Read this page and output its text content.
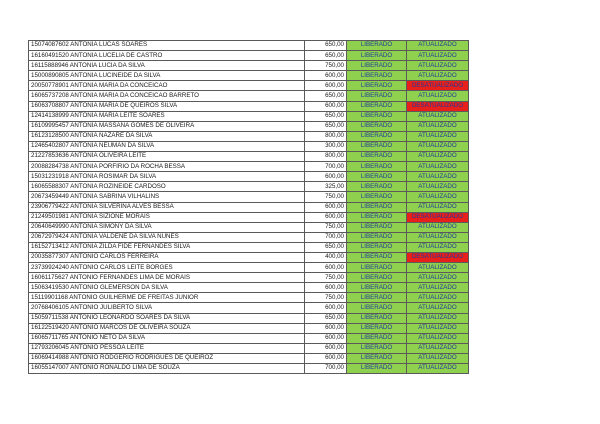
15074087602 ANTONIA LUCAS SOARES	650,00	LIBERADO	ATUALIZADO
16160491520 ANTONIA LUCELIA DE CASTRO	650,00	LIBERADO	ATUALIZADO
16115888946 ANTONIA LUCIA DA SILVA	750,00	LIBERADO	ATUALIZADO
15000890805 ANTONIA LUCINEIDE DA SILVA	600,00	LIBERADO	ATUALIZADO
20050778901 ANTONIA MARIA DA CONCEICAO	600,00	LIBERADO	DESATUALIZADO
16065737208 ANTONIA MARIA DA CONCEICAO BARRETO	650,00	LIBERADO	ATUALIZADO
16063708807 ANTONIA MARIA DE QUEIROS SILVA	600,00	LIBERADO	DESATUALIZADO
12414138999 ANTONIA MARIA LEITE SOARES	650,00	LIBERADO	ATUALIZADO
16109995457 ANTONIA MASSANA GOMES DE OLIVEIRA	650,00	LIBERADO	ATUALIZADO
16123128500 ANTONIA NAZARE DA SILVA	800,00	LIBERADO	ATUALIZADO
12465402807 ANTONIA NEUMAN DA SILVA	300,00	LIBERADO	ATUALIZADO
21227853636 ANTONIA OLIVEIRA LEITE	800,00	LIBERADO	ATUALIZADO
20088284738 ANTONIA PORFIRIO DA ROCHA BESSA	700,00	LIBERADO	ATUALIZADO
15031231918 ANTONIA ROSIMAR DA SILVA	600,00	LIBERADO	ATUALIZADO
16065588307 ANTONIA ROZINEIDE CARDOSO	325,00	LIBERADO	ATUALIZADO
20673459449 ANTONIA SABRINA VILHALINS	750,00	LIBERADO	ATUALIZADO
23906779422 ANTONIA SILVERINA ALVES BESSA	600,00	LIBERADO	ATUALIZADO
21249501981 ANTONIA SIZIONE MORAIS	600,00	LIBERADO	DESATUALIZADO
20640649990 ANTONIA SIMONY DA SILVA	750,00	LIBERADO	ATUALIZADO
20672979424 ANTONIA VALDENE DA SILVA NUNES	700,00	LIBERADO	ATUALIZADO
16152713412 ANTONIA ZILDA FIDE FERNANDES SILVA	650,00	LIBERADO	ATUALIZADO
20035877307 ANTONIO CARLOS FERREIRA	400,00	LIBERADO	DESATUALIZADO
23739924240 ANTONIO CARLOS LEITE BORGES	600,00	LIBERADO	ATUALIZADO
16061175627 ANTONIO FERNANDES LIMA DE MORAIS	750,00	LIBERADO	ATUALIZADO
15063419530 ANTONIO GLEMERSON DA SILVA	600,00	LIBERADO	ATUALIZADO
15119901168 ANTONIO GUILHERME DE FREITAS JUNIOR	750,00	LIBERADO	ATUALIZADO
20768406105 ANTONIO JULIBERTO SILVA	600,00	LIBERADO	ATUALIZADO
15059711538 ANTONIO LEONARDO SOARES DA SILVA	650,00	LIBERADO	ATUALIZADO
16122519420 ANTONIO MARCOS DE OLIVEIRA SOUZA	600,00	LIBERADO	ATUALIZADO
16065711765 ANTONIO NETO DA SILVA	600,00	LIBERADO	ATUALIZADO
12793206045 ANTONIO PESSOA LEITE	600,00	LIBERADO	ATUALIZADO
16069414988 ANTONIO RODGERIO RODRIGUES DE QUEIROZ	600,00	LIBERADO	ATUALIZADO
16055147007 ANTONIO RONALDO LIMA DE SOUZA	700,00	LIBERADO	ATUALIZADO
